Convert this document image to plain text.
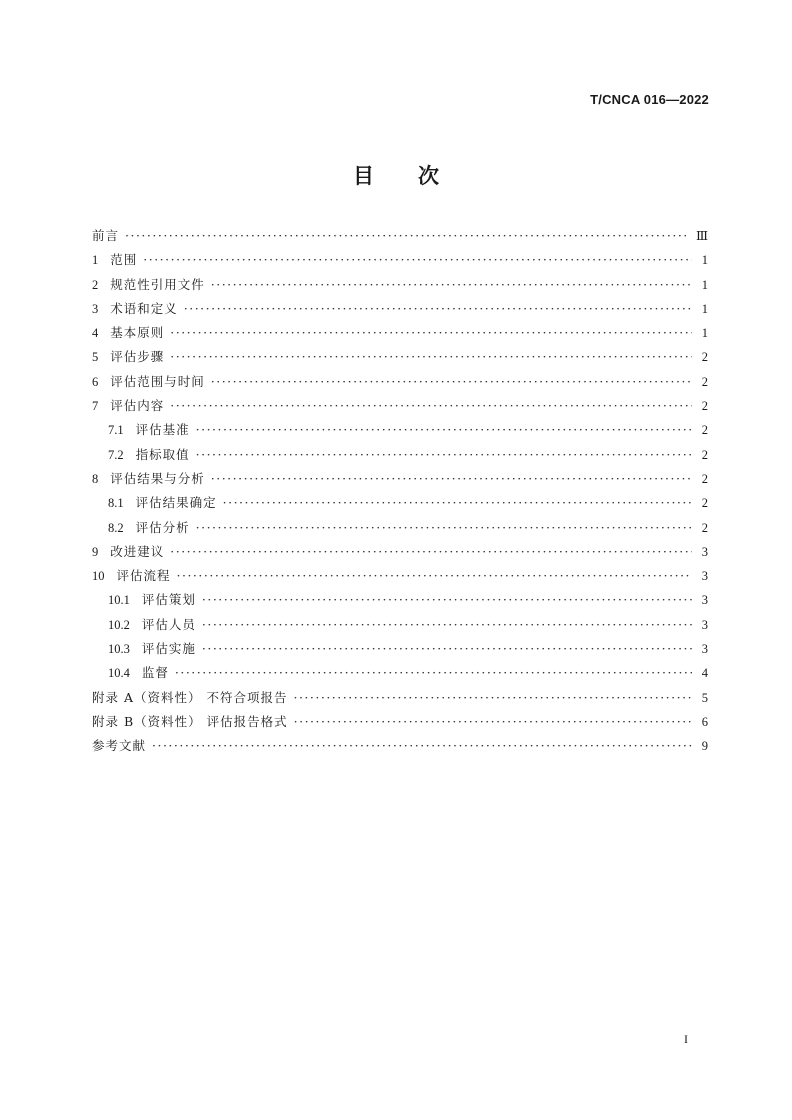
T/CNCA 016—2022
目 次
前言 ·····	Ⅲ
1 范围 ·····	1
2 规范性引用文件 ·····	1
3 术语和定义 ·····	1
4 基本原则 ·····	1
5 评估步骤 ·····	2
6 评估范围与时间 ·····	2
7 评估内容 ·····	2
7.1 评估基准 ·····	2
7.2 指标取值 ·····	2
8 评估结果与分析 ·····	2
8.1 评估结果确定 ·····	2
8.2 评估分析 ·····	2
9 改进建议 ·····	3
10 评估流程 ·····	3
10.1 评估策划 ·····	3
10.2 评估人员 ·····	3
10.3 评估实施 ·····	3
10.4 监督 ·····	4
附录 A（资料性） 不符合项报告 ·····	5
附录 B（资料性） 评估报告格式 ·····	6
参考文献 ·····	9
I
